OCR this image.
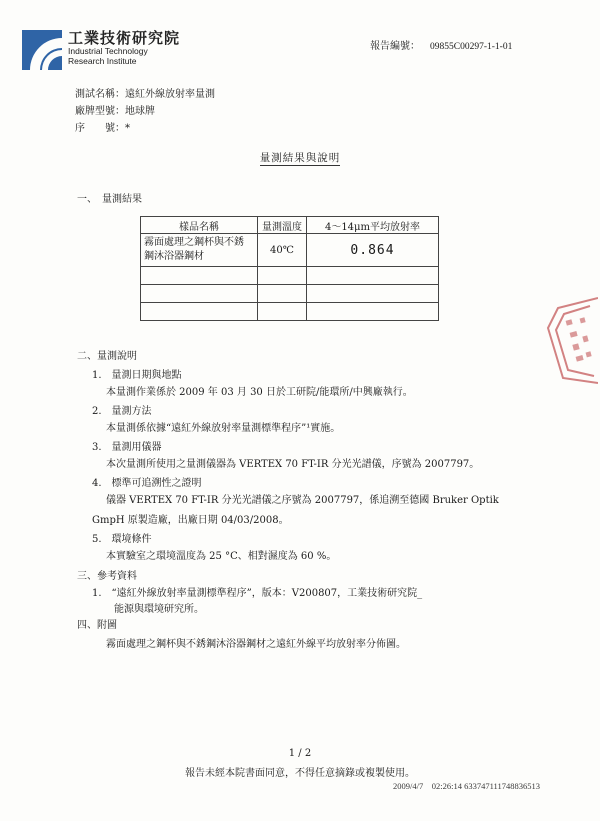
工業技術研究院
Industrial Technology
Research Institute
報告編號： 09855C00297-1-1-01
測試名稱：遠紅外線放射率量測
廠牌型號：地球牌
序　　號：*
量測結果與說明
一、　量測結果
樣品名稱	量測溫度	4～14μm平均放射率

霧面處理之鋼杯與不銹
鋼沐浴器鋼材	40℃	0.864

二、量測說明
1.　量測日期與地點
本量測作業係於 2009 年 03 月 30 日於工研院/能環所/中興廠執行。
2.　量測方法
本量測係依據“遠紅外線放射率量測標準程序”¹實施。
3.　量測用儀器
本次量測所使用之量測儀器為 VERTEX 70 FT-IR 分光光譜儀，序號為 2007797。
4.　標準可追溯性之證明
儀器 VERTEX 70 FT-IR 分光光譜儀之序號為 2007797，係追溯至德國 Bruker Optik
GmpH 原製造廠，出廠日期 04/03/2008。
5.　環境條件
本實驗室之環境溫度為 25 °C、相對濕度為 60 %。
三、參考資料
1.　“遠紅外線放射率量測標準程序”，版本：V200807，工業技術研究院_
能源與環境研究所。
四、附圖
霧面處理之鋼杯與不銹鋼沐浴器鋼材之遠紅外線平均放射率分佈圖。
1 / 2
報告未經本院書面同意，不得任意摘錄或複製使用。
2009/4/7　02:26:14 633747111748836513
